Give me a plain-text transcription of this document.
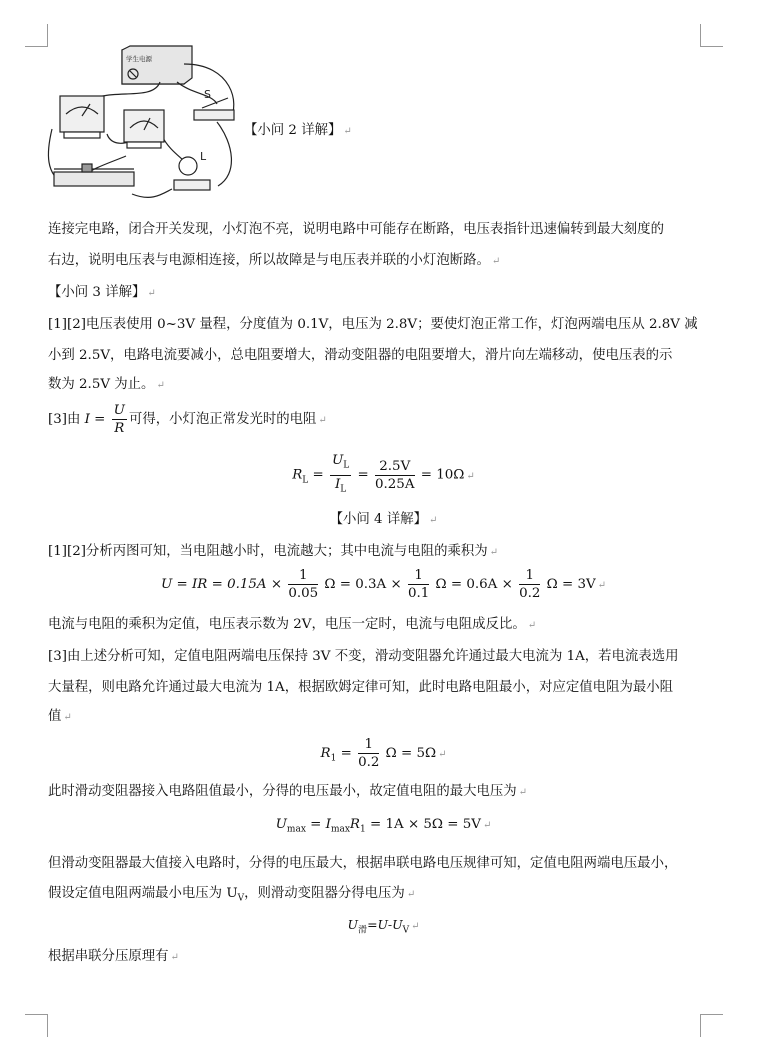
学生电源
S
L
【小问 2 详解】 ↵
连接完电路，闭合开关发现，小灯泡不亮，说明电路中可能存在断路，电压表指针迅速偏转到最大刻度的
右边，说明电压表与电源相连接，所以故障是与电压表并联的小灯泡断路。 ↵
【小问 3 详解】 ↵
[1][2]电压表使用 0~3V 量程，分度值为 0.1V，电压为 2.8V；要使灯泡正常工作，灯泡两端电压从 2.8V 减
小到 2.5V，电路电流要减小，总电阻要增大，滑动变阻器的电阻要增大，滑片向左端移动，使电压表的示
数为 2.5V 为止。 ↵
[3]由 $I = \frac{U}{R}$ 可得，小灯泡正常发光时的电阻 ↵
$R_L = \frac{U_L}{I_L} = \frac{2.5V}{0.25A} = 10\Omega$ ↵
【小问 4 详解】 ↵
[1][2]分析丙图可知，当电阻越小时，电流越大；其中电流与电阻的乘积为 ↵
U = IR = $0.15A \times \frac{1}{0.05}$ $\Omega = 0.3A \times \frac{1}{0.1}$ $\Omega = 0.6A \times \frac{1}{0.2}$ Ω = 3V ↵
电流与电阻的乘积为定值，电压表示数为 2V，电压一定时，电流与电阻成反比。 ↵
[3]由上述分析可知，定值电阻两端电压保持 3V 不变，滑动变阻器允许通过最大电流为 1A，若电流表选用
大量程，则电路允许通过最大电流为 1A，根据欧姆定律可知，此时电路电阻最小，对应定值电阻为最小阻
值 ↵
$R_1 = \frac{1}{0.2}$ Ω = 5Ω ↵
此时滑动变阻器接入电路阻值最小，分得的电压最小，故定值电阻的最大电压为 ↵
$U_{max} = I_{max}R_1 = 1A \times 5\Omega = 5V$ ↵
但滑动变阻器最大值接入电路时，分得的电压最大，根据串联电路电压规律可知，定值电阻两端电压最小，
假设定值电阻两端最小电压为 $U_V$，则滑动变阻器分得电压为 ↵
$U_滑=U-U_V$ ↵
根据串联分压原理有 ↵
